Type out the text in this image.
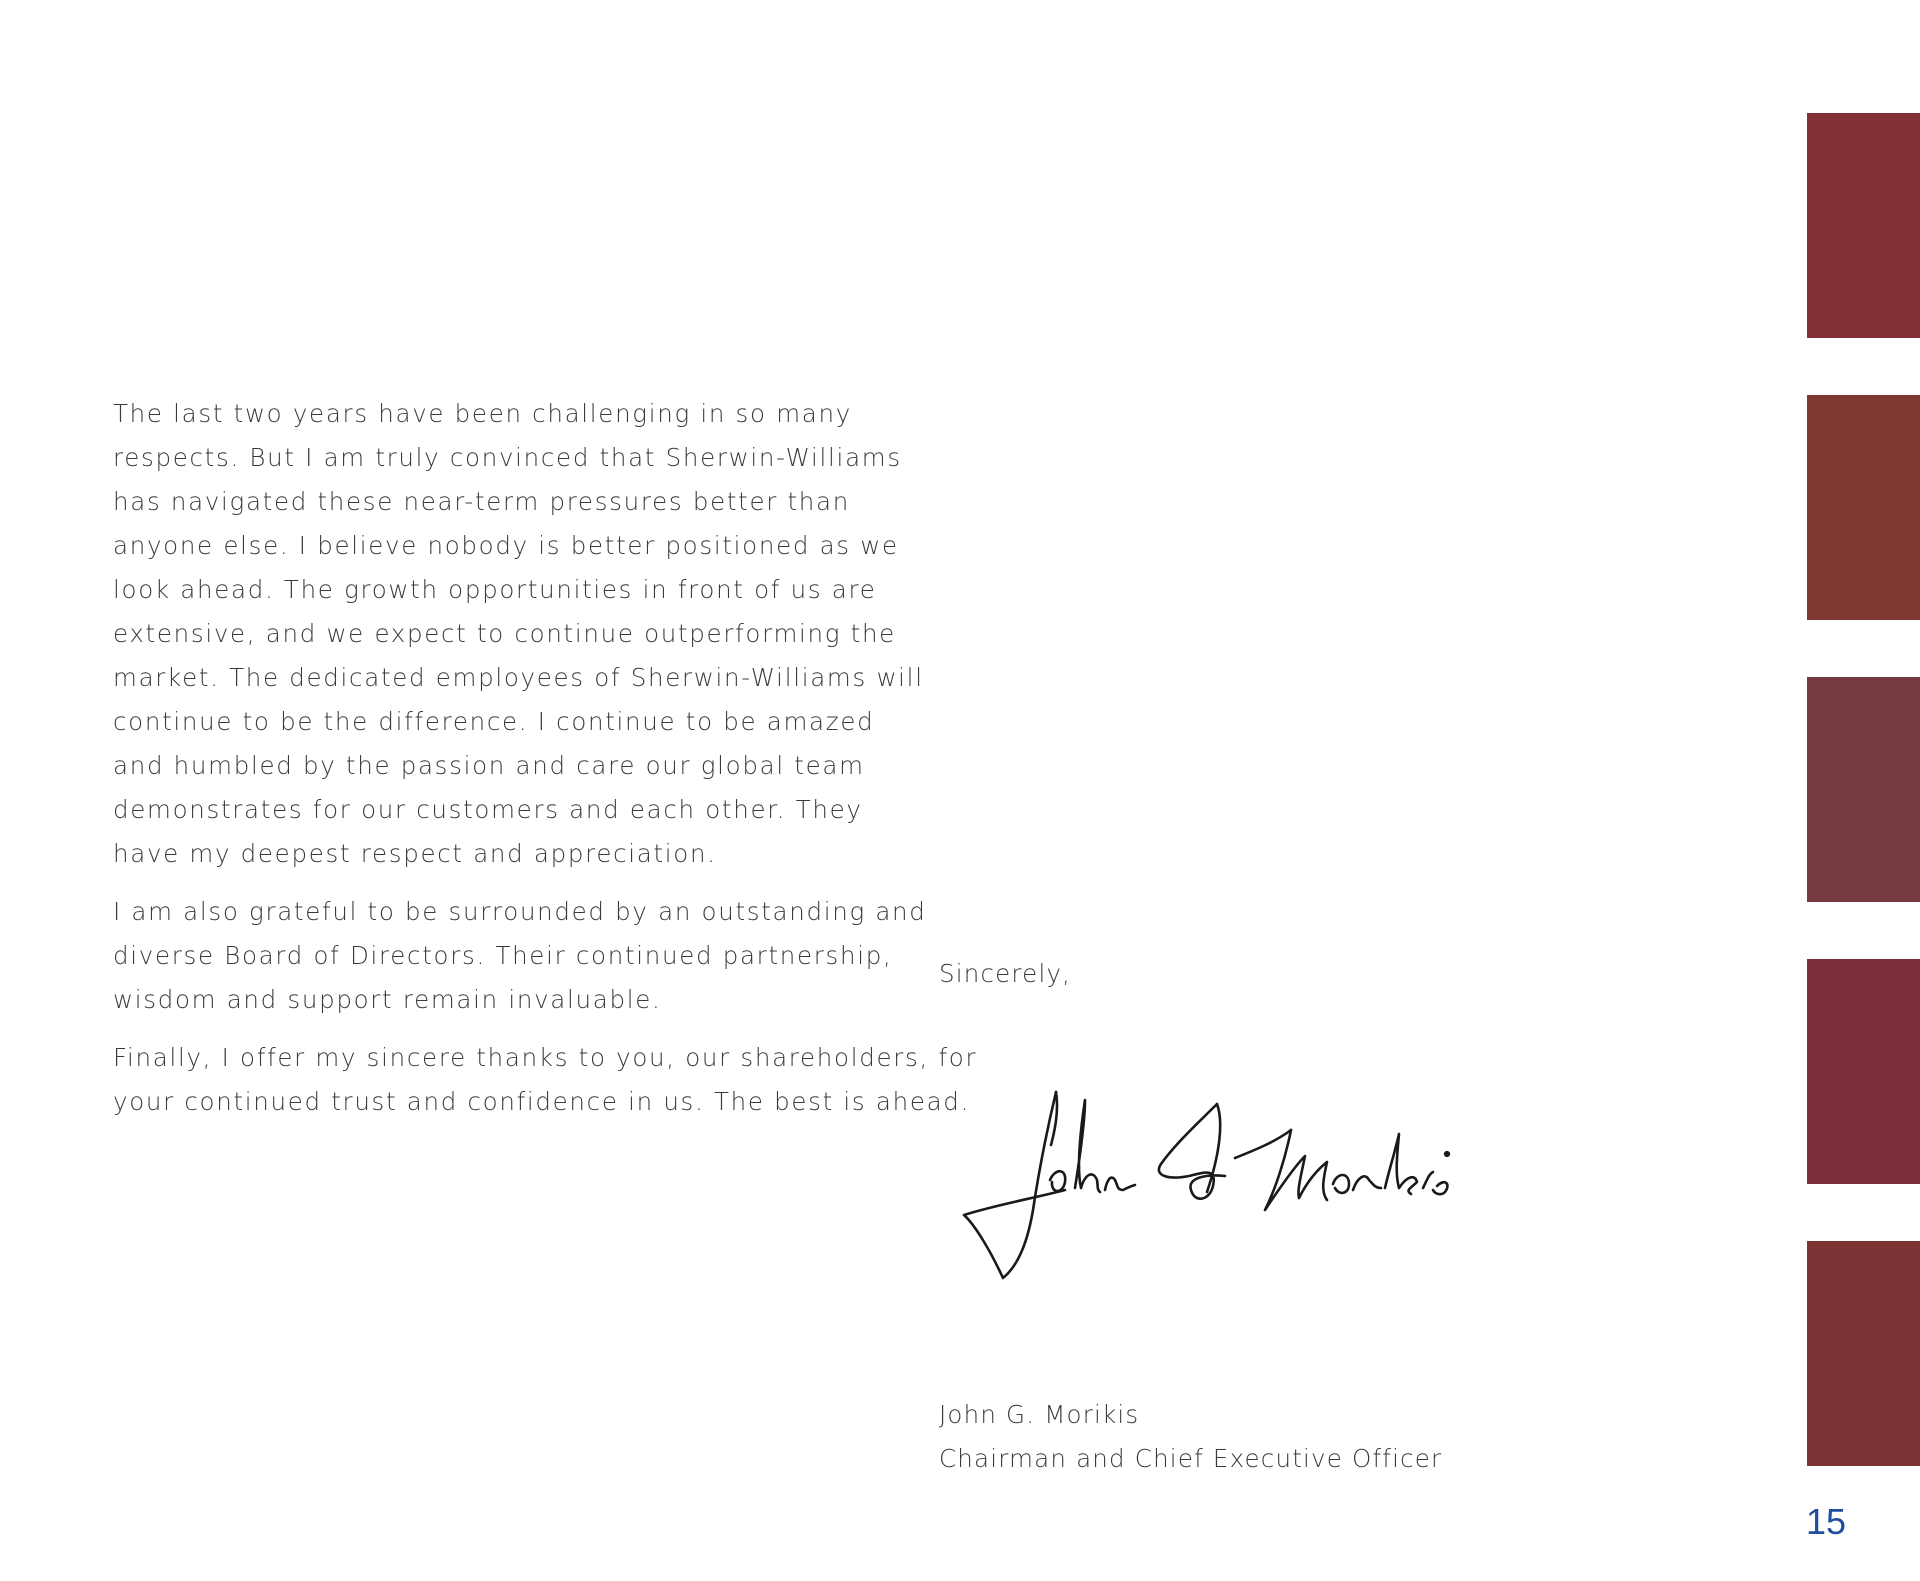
The last two years have been challenging in so many
respects. But I am truly convinced that Sherwin-Williams
has navigated these near-term pressures better than
anyone else. I believe nobody is better positioned as we
look ahead. The growth opportunities in front of us are
extensive, and we expect to continue outperforming the
market. The dedicated employees of Sherwin-Williams will
continue to be the difference. I continue to be amazed
and humbled by the passion and care our global team
demonstrates for our customers and each other. They
have my deepest respect and appreciation.

I am also grateful to be surrounded by an outstanding and
diverse Board of Directors. Their continued partnership,
wisdom and support remain invaluable.

Finally, I offer my sincere thanks to you, our shareholders, for
your continued trust and confidence in us. The best is ahead.

Sincerely,
John G. Morikis
Chairman and Chief Executive Officer
15
